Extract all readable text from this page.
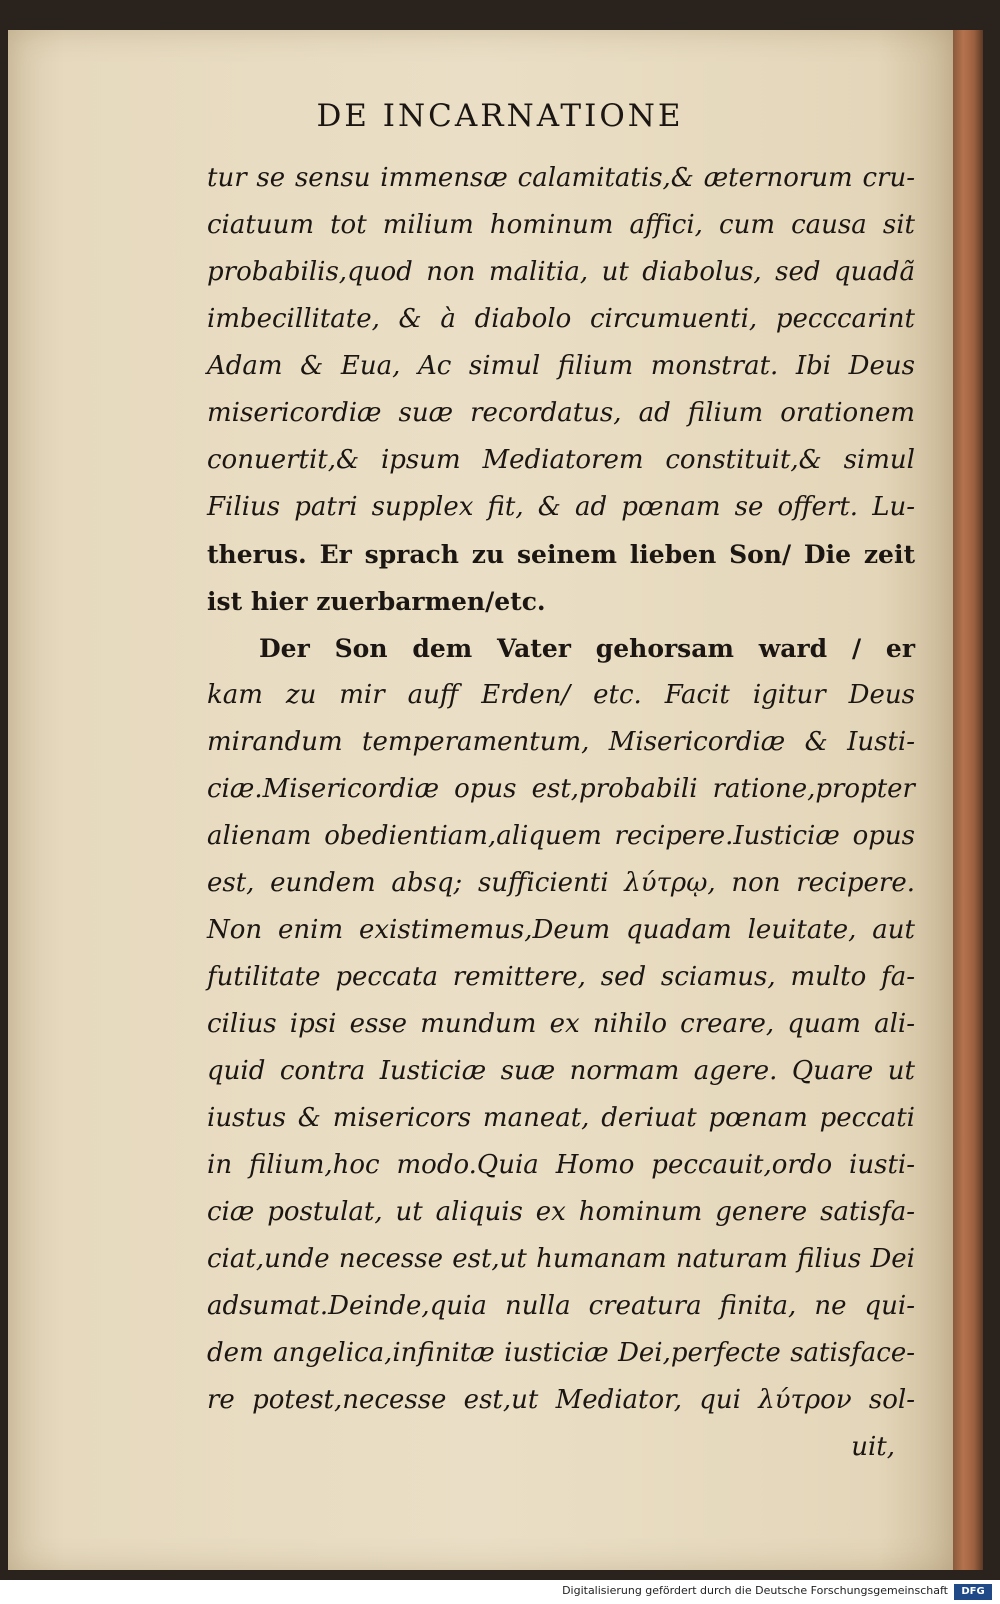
DE INCARNATIONE
tur se sensu immensæ calamitatis,& æternorum cru-
ciatuum tot milium hominum affici, cum causa sit
probabilis,quod non malitia, ut diabolus, sed quadã
imbecillitate, & à diabolo circumuenti, pecccarint
Adam & Eua, Ac simul filium monstrat. Ibi Deus
misericordiæ suæ recordatus, ad filium orationem
conuertit,& ipsum Mediatorem constituit,& simul
Filius patri supplex fit, & ad pœnam se offert. Lu-
therus. Er sprach zu seinem lieben Son/ Die zeit
ist hier zuerbarmen/etc.
Der Son dem Vater gehorsam ward / er
kam zu mir auff Erden/ etc. Facit igitur Deus
mirandum temperamentum, Misericordiæ & Iusti-
ciæ.Misericordiæ opus est,probabili ratione,propter
alienam obedientiam,aliquem recipere.Iusticiæ opus
est, eundem absq; sufficienti λύτρῳ, non recipere.
Non enim existimemus,Deum quadam leuitate, aut
futilitate peccata remittere, sed sciamus, multo fa-
cilius ipsi esse mundum ex nihilo creare, quam ali-
quid contra Iusticiæ suæ normam agere. Quare ut
iustus & misericors maneat, deriuat pœnam peccati
in filium,hoc modo.Quia Homo peccauit,ordo iusti-
ciæ postulat, ut aliquis ex hominum genere satisfa-
ciat,unde necesse est,ut humanam naturam filius Dei
adsumat.Deinde,quia nulla creatura finita, ne qui-
dem angelica,infinitæ iusticiæ Dei,perfecte satisface-
re potest,necesse est,ut Mediator, qui λύτρον sol-
uit,
Digitalisierung gefördert durch die Deutsche Forschungsgemeinschaft	DFG
